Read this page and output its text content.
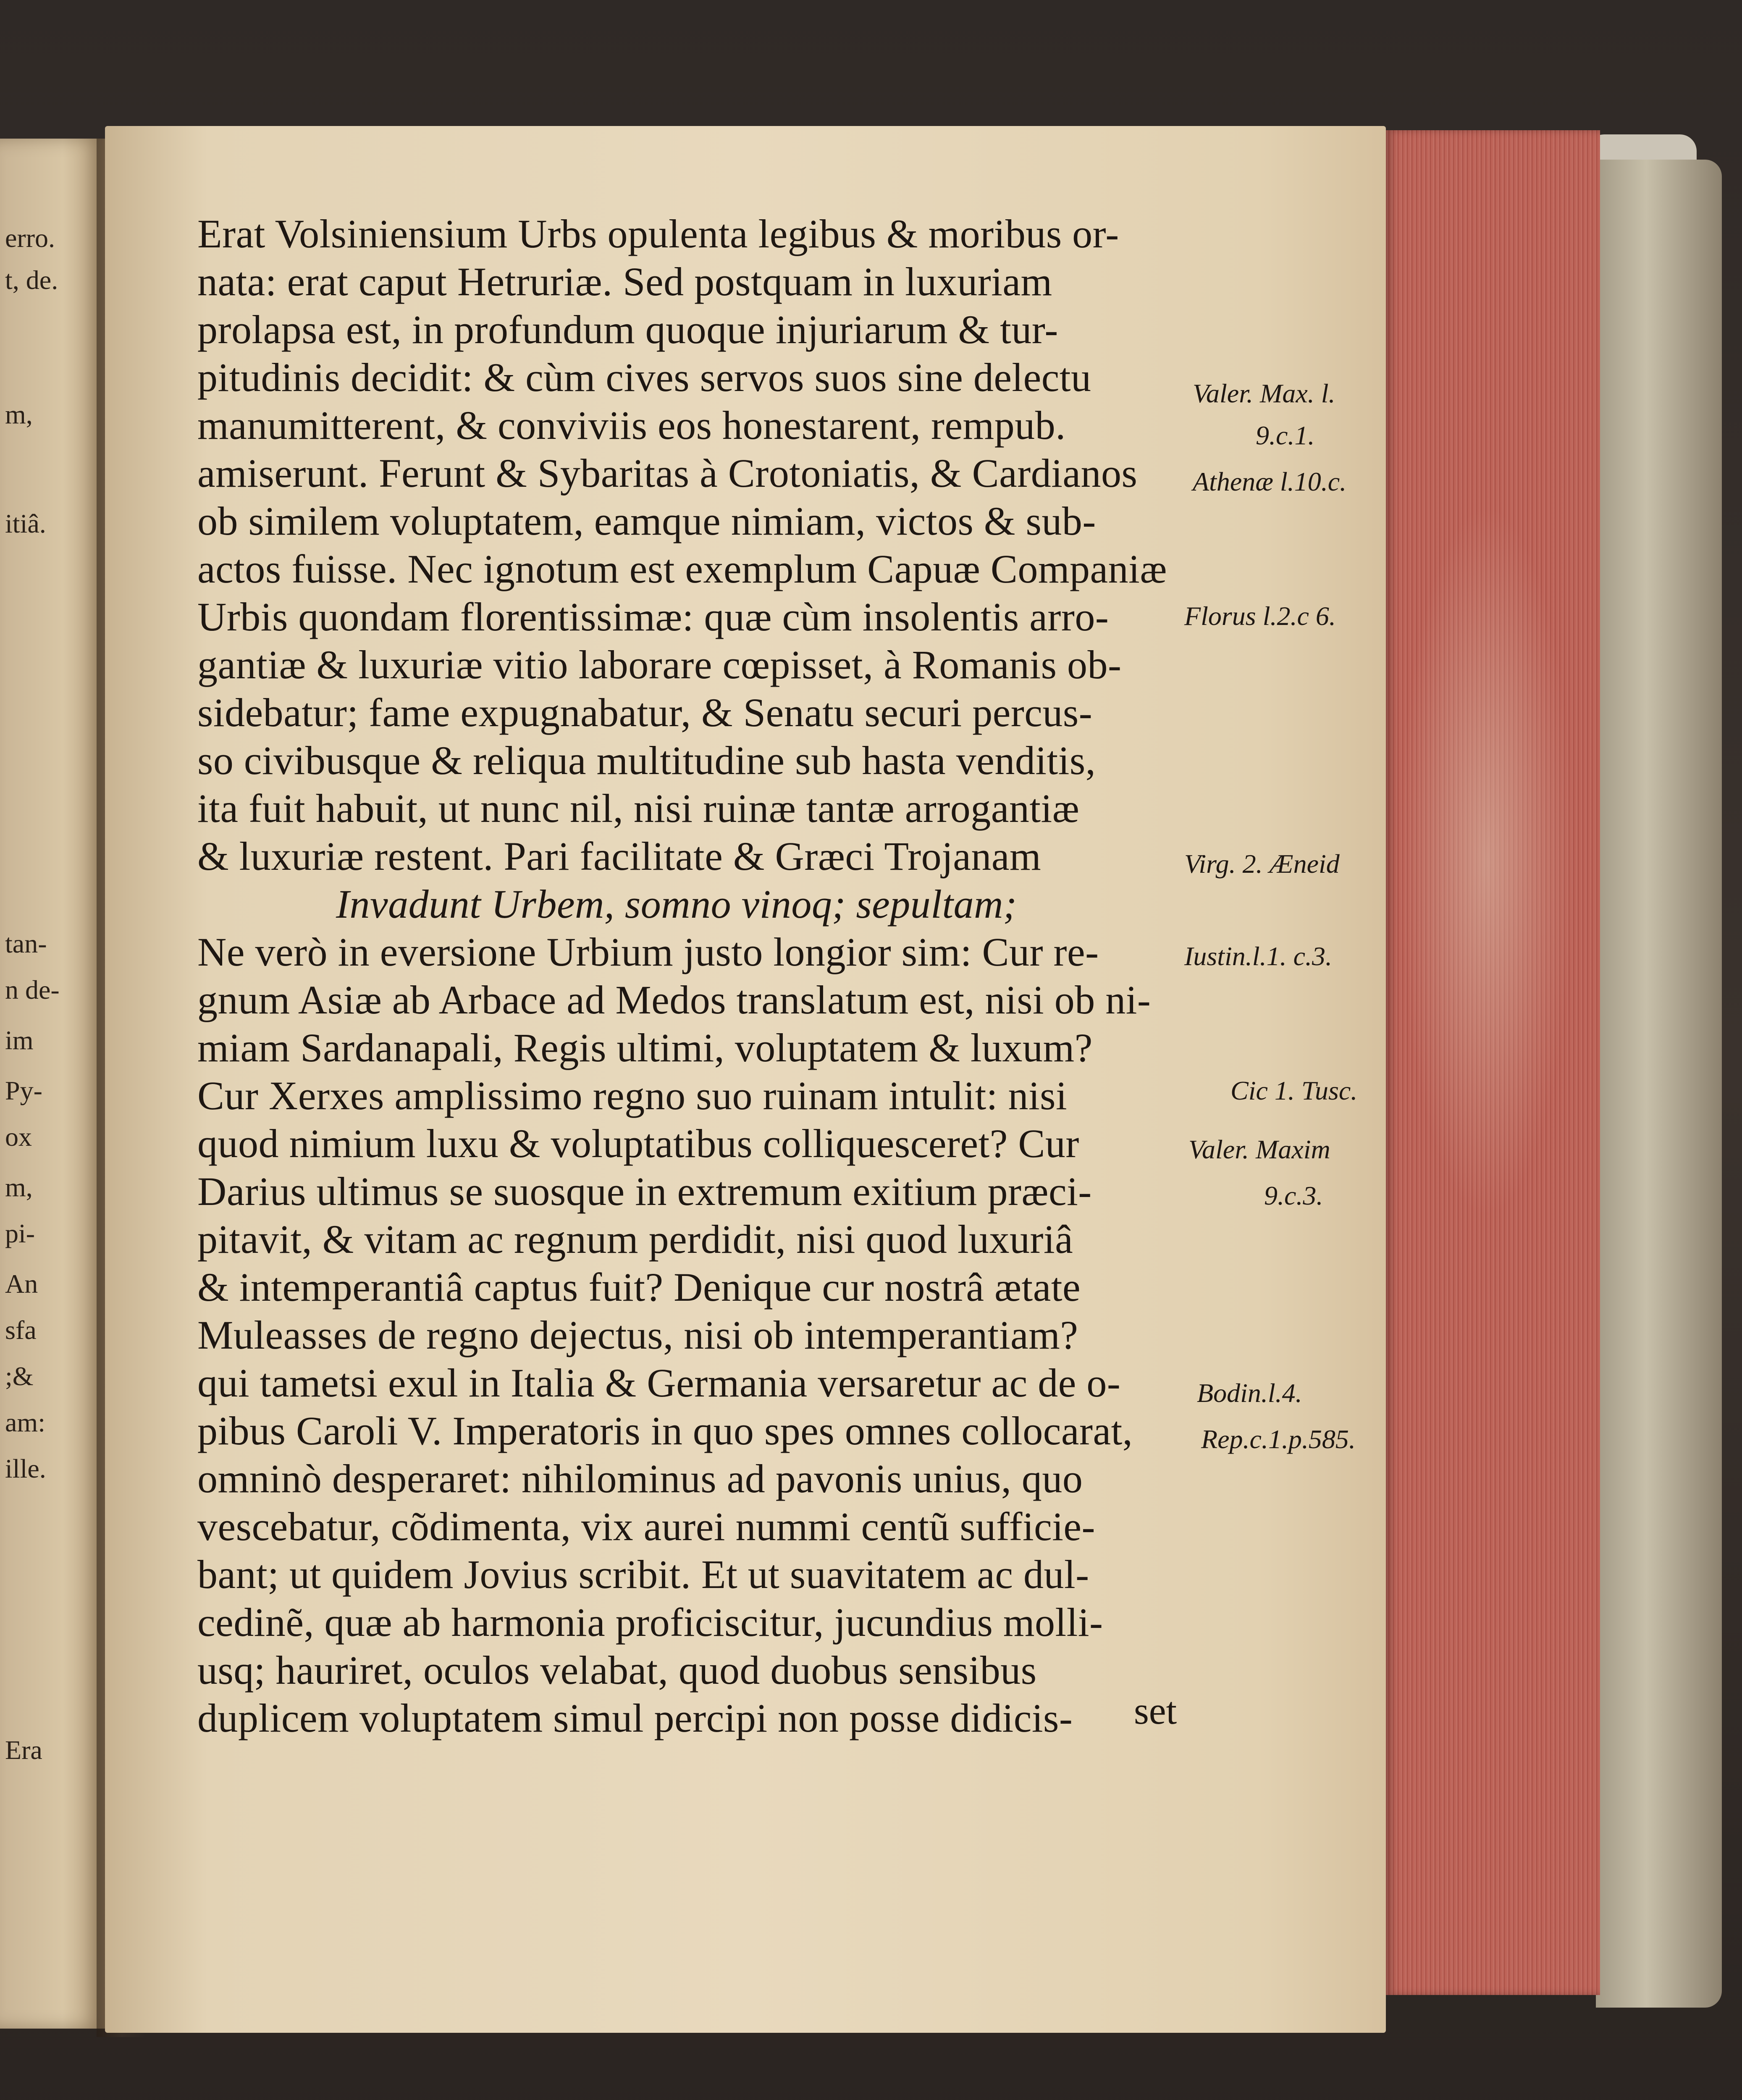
erro.
t, de.
m,
itiâ.
tan-
n de-
im
Py-
ox
m,
pi-
An
sfa
;&
am:
ille.
Era
Erat Volsiniensium Urbs opulenta legibus & moribus or-
nata: erat caput Hetruriæ. Sed postquam in luxuriam
prolapsa est, in profundum quoque injuriarum & tur-
pitudinis decidit: & cùm cives servos suos sine delectu
manumitterent, & conviviis eos honestarent, rempub.
amiserunt. Ferunt & Sybaritas à Crotoniatis, & Cardianos
ob similem voluptatem, eamque nimiam, victos & sub-
actos fuisse. Nec ignotum est exemplum Capuæ Companiæ
Urbis quondam florentissimæ: quæ cùm insolentis arro-
gantiæ & luxuriæ vitio laborare cœpisset, à Romanis ob-
sidebatur; fame expugnabatur, & Senatu securi percus-
so civibusque & reliqua multitudine sub hasta venditis,
ita fuit habuit, ut nunc nil, nisi ruinæ tantæ arrogantiæ
& luxuriæ restent. Pari facilitate & Græci Trojanam
Invadunt Urbem, somno vinoq; sepultam;
Ne verò in eversione Urbium justo longior sim: Cur re-
gnum Asiæ ab Arbace ad Medos translatum est, nisi ob ni-
miam Sardanapali, Regis ultimi, voluptatem & luxum?
Cur Xerxes amplissimo regno suo ruinam intulit: nisi
quod nimium luxu & voluptatibus colliquesceret? Cur
Darius ultimus se suosque in extremum exitium præci-
pitavit, & vitam ac regnum perdidit, nisi quod luxuriâ
& intemperantiâ captus fuit? Denique cur nostrâ ætate
Muleasses de regno dejectus, nisi ob intemperantiam?
qui tametsi exul in Italia & Germania versaretur ac de o-
pibus Caroli V. Imperatoris in quo spes omnes collocarat,
omninò desperaret: nihilominus ad pavonis unius, quo
vescebatur, cõdimenta, vix aurei nummi centũ sufficie-
bant; ut quidem Jovius scribit. Et ut suavitatem ac dul-
cedinẽ, quæ ab harmonia proficiscitur, jucundius molli-
usq; hauriret, oculos velabat, quod duobus sensibus
duplicem voluptatem simul percipi non posse didicis-	set
Valer. Max. l.
9.c.1.
Athenæ l.10.c.
Florus l.2.c 6.
Virg. 2. Æneid
Iustin.l.1. c.3.
Cic 1. Tusc.
Valer. Maxim
9.c.3.
Bodin.l.4.
Rep.c.1.p.585.
